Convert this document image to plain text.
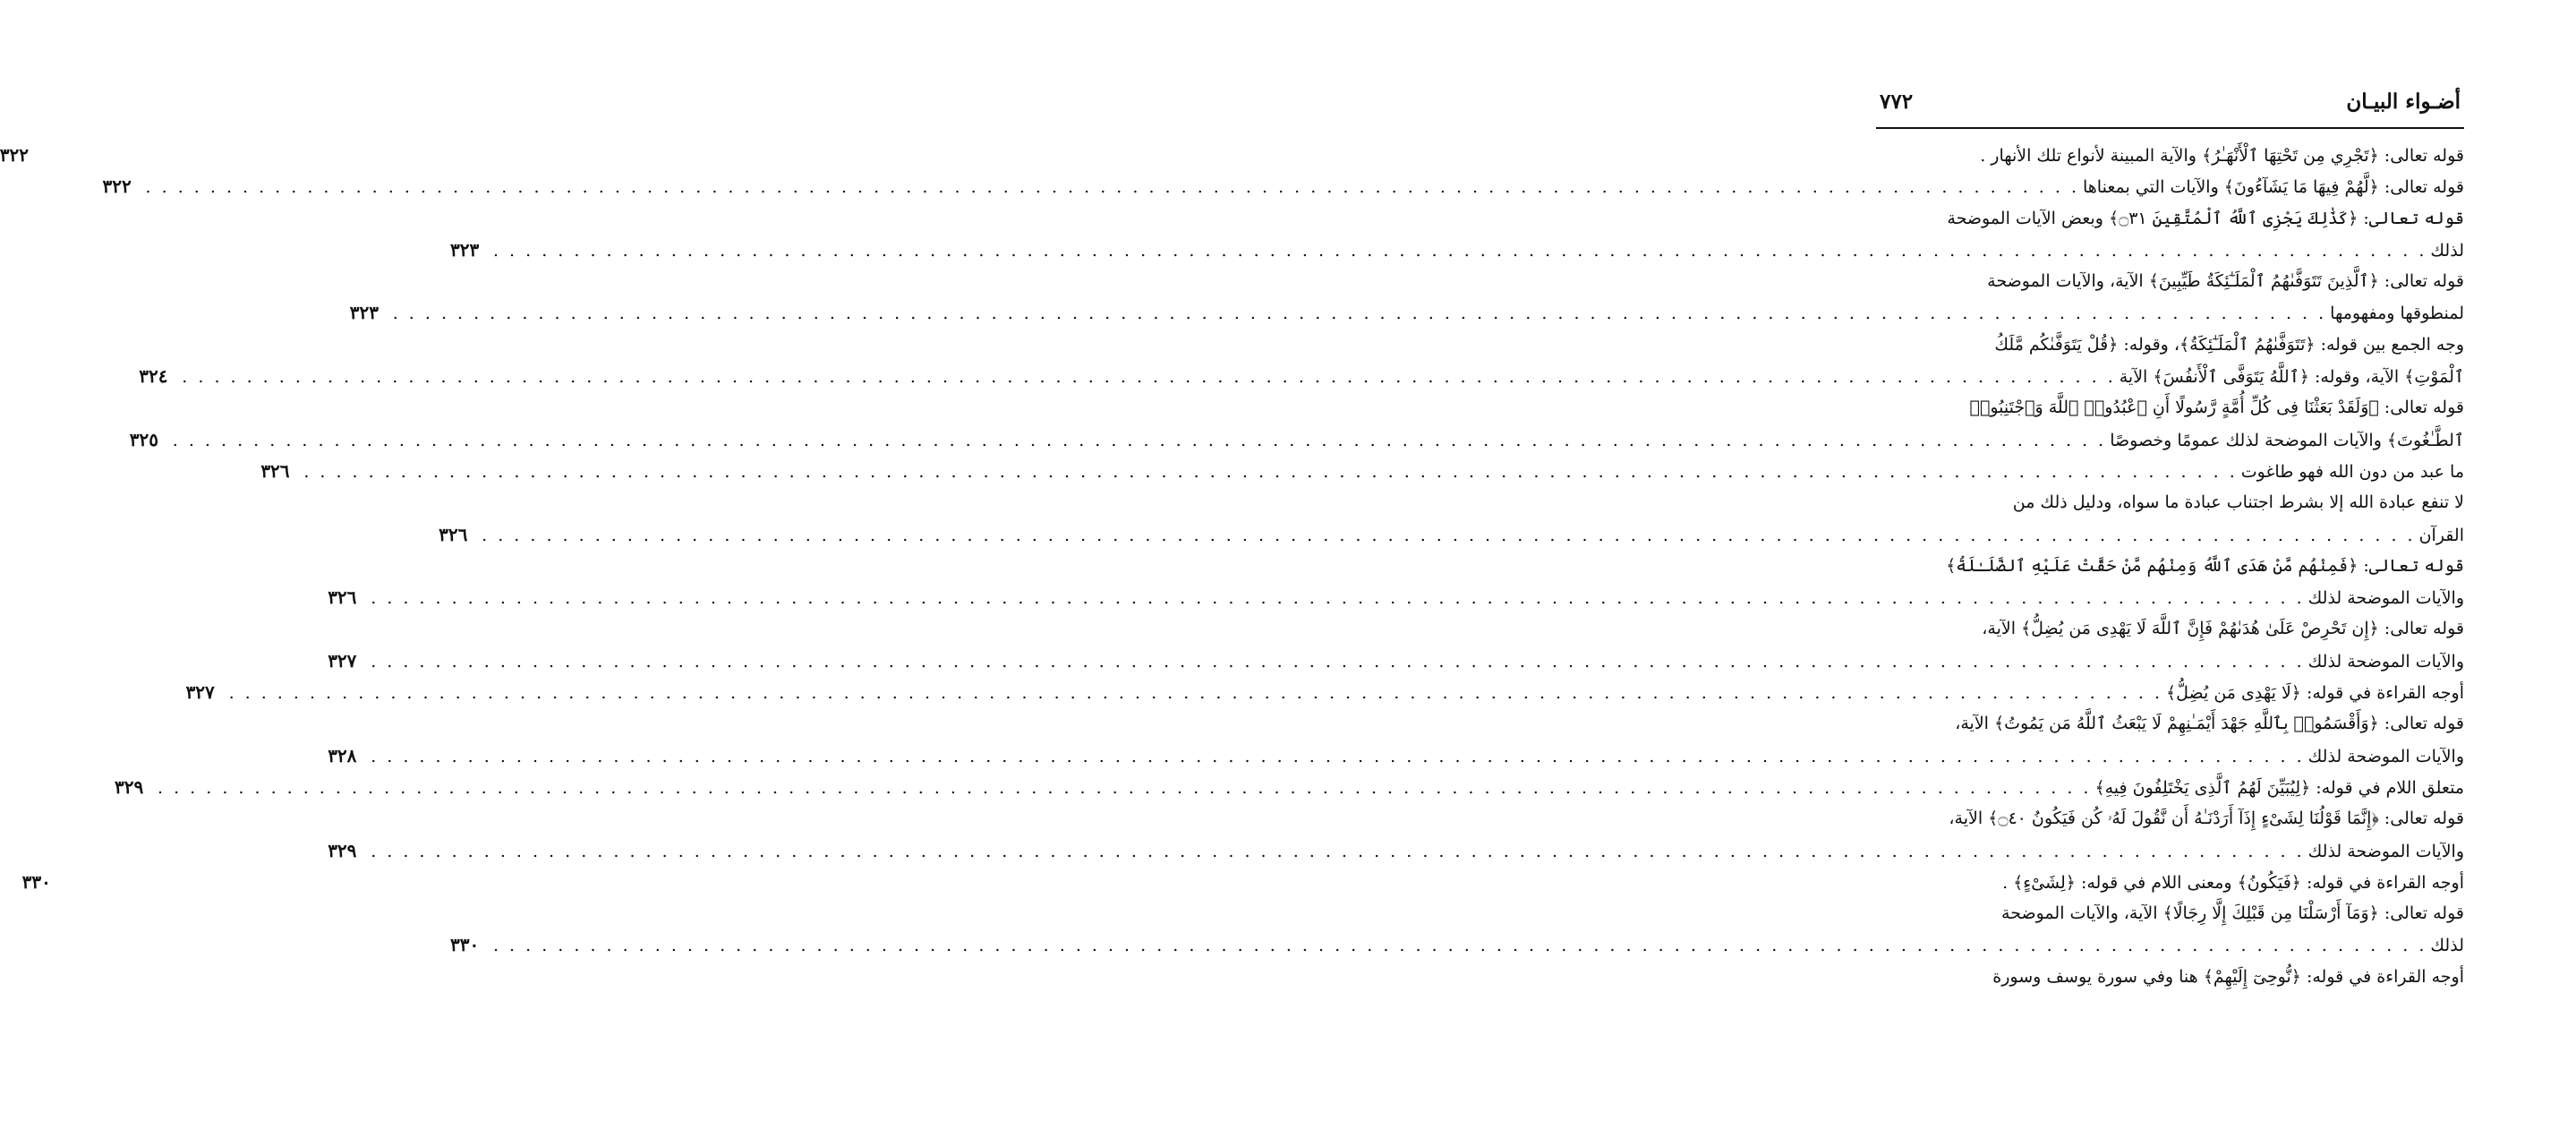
أضـواء البيـان
٧٧٢
قوله تعالى: ﴿تَجْرِي مِن تَحْتِهَا ٱلْأَنْهَـٰرُ﴾ والآية المبينة لأنواع تلك الأنهار .
٣٢٢
قوله تعالى: ﴿لَّهُمْ فِيهَا مَا يَشَآءُونَ﴾ والآيات التي بمعناها
. . .
٣٢٢
قوله تعالى: ﴿كَذَٰلِكَ يَجْزِى ٱللَّهُ ٱلْمُتَّقِينَ ۝٣١﴾ وبعض الآيات الموضحة
لذلك
. . .
٣٢٣
قوله تعالى: ﴿ٱلَّذِينَ تَتَوَفَّىٰهُمُ ٱلْمَلَـٰٓئِكَةُ طَيِّبِينَ﴾ الآية، والآيات الموضحة
لمنطوقها ومفهومها
. . .
٣٢٣
وجه الجمع بين قوله: ﴿تَتَوَفَّىٰهُمُ ٱلْمَلَـٰٓئِكَةُ﴾، وقوله: ﴿قُلْ يَتَوَفَّىٰكُم مَّلَكُ
ٱلْمَوْتِ﴾ الآية، وقوله: ﴿ٱللَّهُ يَتَوَفَّى ٱلْأَنفُسَ﴾ الآية
. . .
٣٢٤
قوله تعالى: ﴿وَلَقَدْ بَعَثْنَا فِى كُلِّ أُمَّةٍ رَّسُولًا أَنِ ٱعْبُدُوا۟ ٱللَّهَ وَٱجْتَنِبُوا۟
ٱلطَّـٰغُوتَ﴾ والآيات الموضحة لذلك عمومًا وخصوصًا
. . .
٣٢٥
ما عبد من دون الله فهو طاغوت
. . .
٣٢٦
لا تنفع عبادة الله إلا بشرط اجتناب عبادة ما سواه، ودليل ذلك من
القرآن
. . .
٣٢٦
قوله تعالى: ﴿فَمِنْهُم مَّنْ هَدَى ٱللَّهُ وَمِنْهُم مَّنْ حَقَّتْ عَلَيْهِ ٱلضَّلَـٰلَةُ﴾
والآيات الموضحة لذلك
. . .
٣٢٦
قوله تعالى: ﴿إِن تَحْرِصْ عَلَىٰ هُدَىٰهُمْ فَإِنَّ ٱللَّهَ لَا يَهْدِى مَن يُضِلُّ﴾ الآية،
والآيات الموضحة لذلك
. . .
٣٢٧
أوجه القراءة في قوله: ﴿لَا يَهْدِى مَن يُضِلُّ﴾
. . .
٣٢٧
قوله تعالى: ﴿وَأَقْسَمُوا۟ بِٱللَّهِ جَهْدَ أَيْمَـٰنِهِمْ لَا يَبْعَثُ ٱللَّهُ مَن يَمُوتُ﴾ الآية،
والآيات الموضحة لذلك
. . .
٣٢٨
متعلق اللام في قوله: ﴿لِيُبَيِّنَ لَهُمُ ٱلَّذِى يَخْتَلِفُونَ فِيهِ﴾
. . .
٣٢٩
قوله تعالى: ﴿إِنَّمَا قَوْلُنَا لِشَىْءٍ إِذَآ أَرَدْنَـٰهُ أَن نَّقُولَ لَهُۥ كُن فَيَكُونُ ۝٤٠﴾ الآية،
والآيات الموضحة لذلك
. . .
٣٢٩
أوجه القراءة في قوله: ﴿فَيَكُونُ﴾ ومعنى اللام في قوله: ﴿لِشَىْءٍ﴾ .
٣٣٠
قوله تعالى: ﴿وَمَآ أَرْسَلْنَا مِن قَبْلِكَ إِلَّا رِجَالًا﴾ الآية، والآيات الموضحة
لذلك
. . .
٣٣٠
أوجه القراءة في قوله: ﴿نُّوحِىٓ إِلَيْهِمْ﴾ هنا وفي سورة يوسف وسورة
